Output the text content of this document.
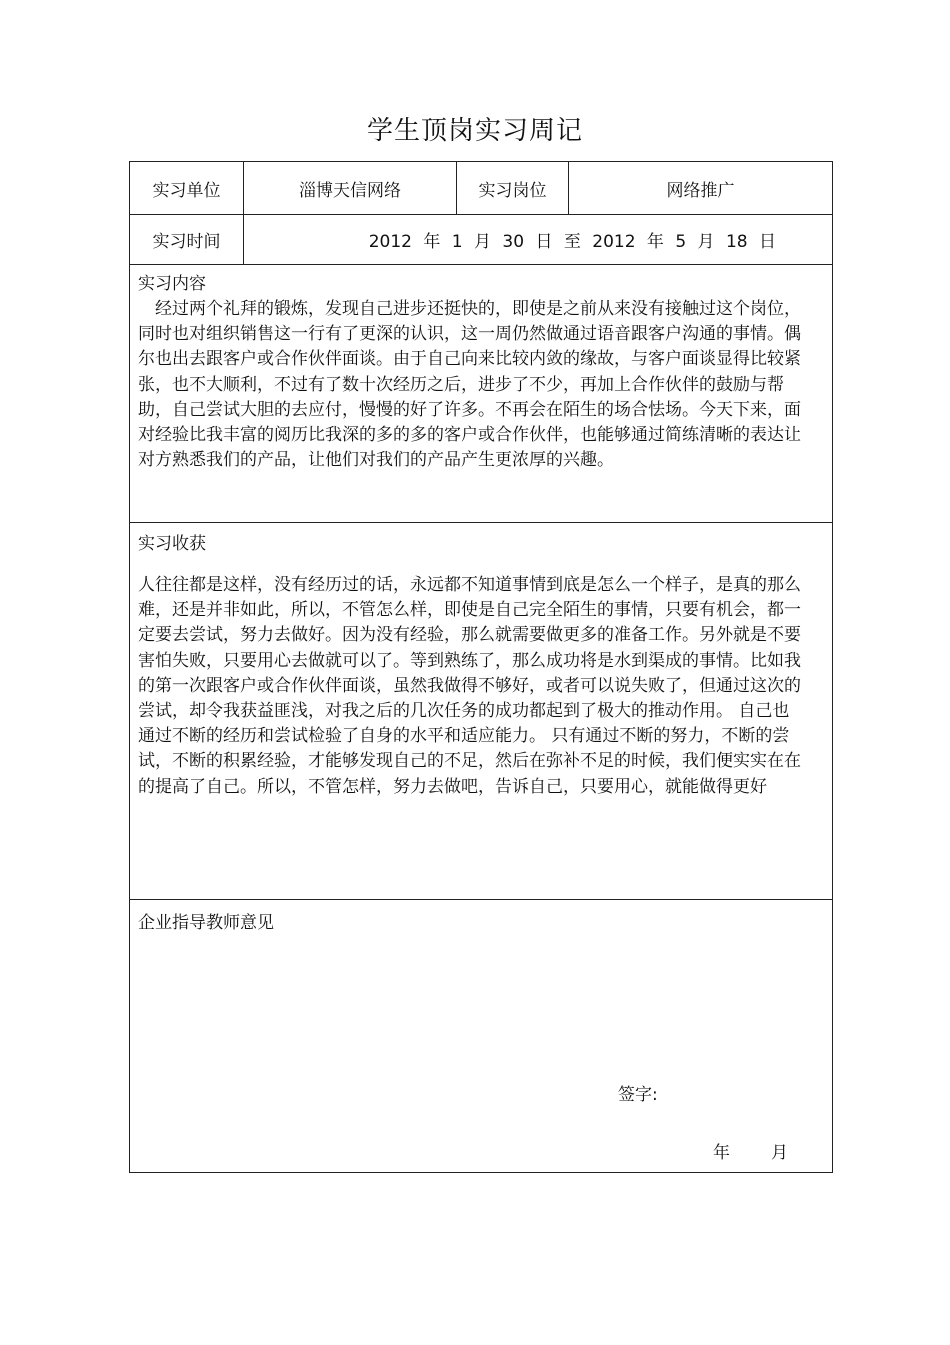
学生顶岗实习周记
实习单位	淄博天信网络	实习岗位	网络推广
实习时间	2012 年 1 月 30 日 至 2012 年 5 月 18 日
实习内容
　经过两个礼拜的锻炼，发现自己进步还挺快的，即使是之前从来没有接触过这个岗位，同时也对组织销售这一行有了更深的认识，这一周仍然做通过语音跟客户沟通的事情。偶尔也出去跟客户或合作伙伴面谈。由于自己向来比较内敛的缘故，与客户面谈显得比较紧张，也不大顺利，不过有了数十次经历之后，进步了不少，再加上合作伙伴的鼓励与帮助，自己尝试大胆的去应付，慢慢的好了许多。不再会在陌生的场合怯场。今天下来，面对经验比我丰富的阅历比我深的多的多的客户或合作伙伴，也能够通过简练清晰的表达让对方熟悉我们的产品，让他们对我们的产品产生更浓厚的兴趣。
实习收获
人往往都是这样，没有经历过的话，永远都不知道事情到底是怎么一个样子，是真的那么难，还是并非如此，所以，不管怎么样，即使是自己完全陌生的事情，只要有机会，都一定要去尝试，努力去做好。因为没有经验，那么就需要做更多的准备工作。另外就是不要害怕失败，只要用心去做就可以了。等到熟练了，那么成功将是水到渠成的事情。比如我的第一次跟客户或合作伙伴面谈，虽然我做得不够好，或者可以说失败了，但通过这次的尝试，却令我获益匪浅，对我之后的几次任务的成功都起到了极大的推动作用。 自己也通过不断的经历和尝试检验了自身的水平和适应能力。 只有通过不断的努力，不断的尝试，不断的积累经验，才能够发现自己的不足，然后在弥补不足的时候，我们便实实在在的提高了自己。所以，不管怎样，努力去做吧，告诉自己，只要用心，就能做得更好
企业指导教师意见
签字:
年 月
